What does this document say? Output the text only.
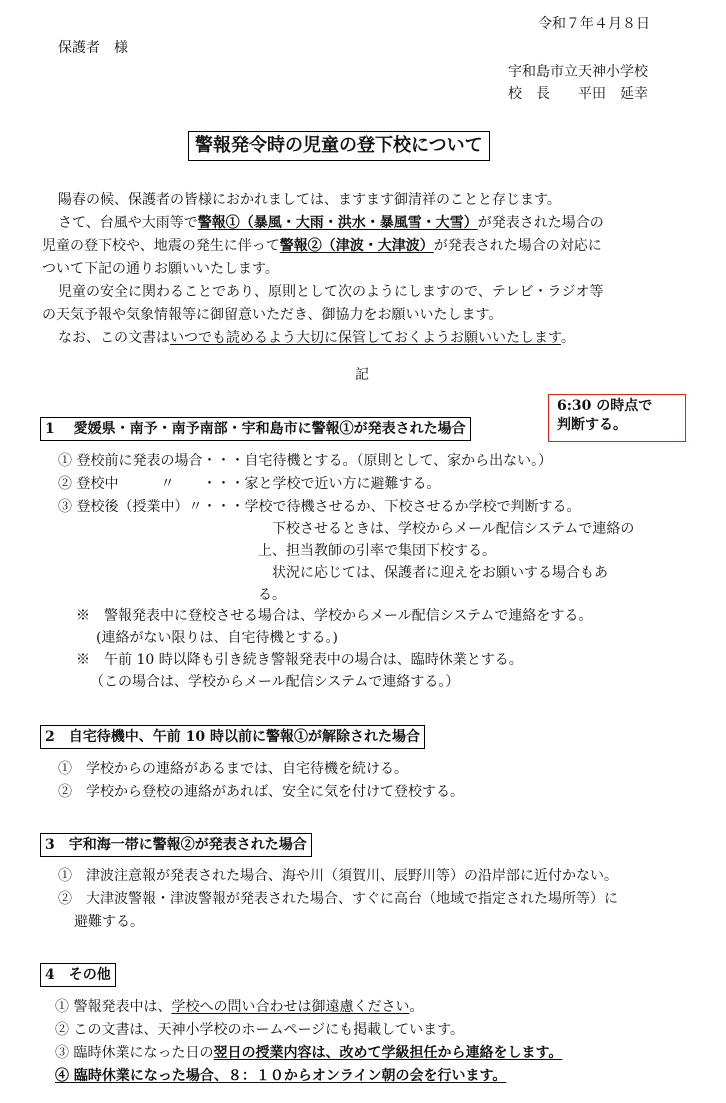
令和７年４月８日
保護者　様
宇和島市立天神小学校
校　長　　平田　延幸
警報発令時の児童の登下校について
陽春の候、保護者の皆様におかれましては、ますます御清祥のことと存じます。
さて、台風や大雨等で警報①（暴風・大雨・洪水・暴風雪・大雪）が発表された場合の
児童の登下校や、地震の発生に伴って警報②（津波・大津波）が発表された場合の対応に
ついて下記の通りお願いいたします。
児童の安全に関わることであり、原則として次のようにしますので、テレビ・ラジオ等
の天気予報や気象情報等に御留意いただき、御協力をお願いいたします。
なお、この文書はいつでも読めるよう大切に保管しておくようお願いいたします。
記
6:30 の時点で
判断する。
1　 愛媛県・南予・南予南部・宇和島市に警報①が発表された場合
① 登校前に発表の場合・・・自宅待機とする。（原則として、家から出ない。）
② 登校中　　　〃　　・・・家と学校で近い方に避難する。
③ 登校後（授業中）〃・・・学校で待機させるか、下校させるか学校で判断する。
下校させるときは、学校からメール配信システムで連絡の
上、担当教師の引率で集団下校する。
状況に応じては、保護者に迎えをお願いする場合もあ
る。
※　警報発表中に登校させる場合は、学校からメール配信システムで連絡をする。
(連絡がない限りは、自宅待機とする。)
※　午前 10 時以降も引き続き警報発表中の場合は、臨時休業とする。
（この場合は、学校からメール配信システムで連絡する。）
2　自宅待機中、午前 10 時以前に警報①が解除された場合
①　学校からの連絡があるまでは、自宅待機を続ける。
②　学校から登校の連絡があれば、安全に気を付けて登校する。
3　宇和海一帯に警報②が発表された場合
①　津波注意報が発表された場合、海や川（須賀川、辰野川等）の沿岸部に近付かない。
②　大津波警報・津波警報が発表された場合、すぐに高台（地域で指定された場所等）に
避難する。
4　その他
① 警報発表中は、学校への問い合わせは御遠慮ください。
② この文書は、天神小学校のホームページにも掲載しています。
③ 臨時休業になった日の翌日の授業内容は、改めて学級担任から連絡をします。
④ 臨時休業になった場合、８：１０からオンライン朝の会を行います。
